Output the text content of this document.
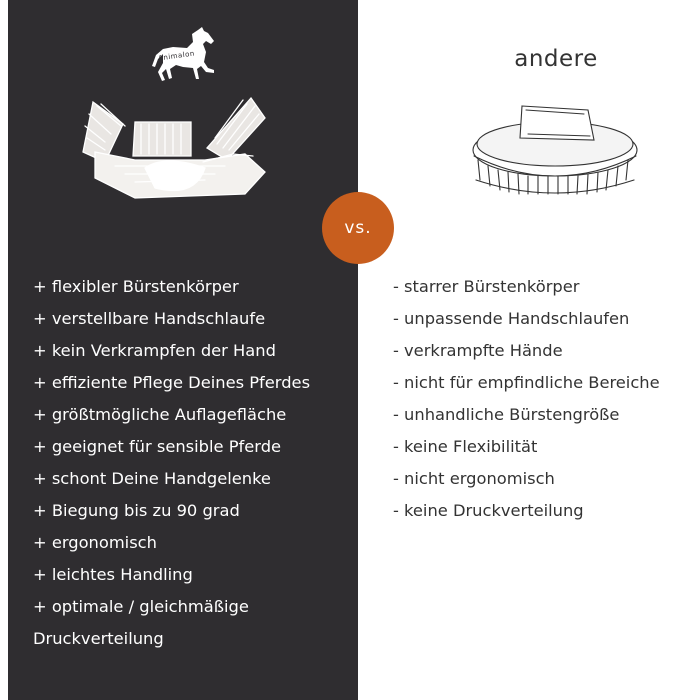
Animalon	andere
vs.
+ flexibler Bürstenkörper
+ verstellbare Handschlaufe
+ kein Verkrampfen der Hand
+ effiziente Pflege Deines Pferdes
+ größtmögliche Auflagefläche
+ geeignet für sensible Pferde
+ schont Deine Handgelenke
+ Biegung bis zu 90 grad
+ ergonomisch
+ leichtes Handling
+ optimale / gleichmäßige Druckverteilung
- starrer Bürstenkörper
- unpassende Handschlaufen
- verkrampfte Hände
- nicht für empfindliche Bereiche
- unhandliche Bürstengröße
- keine Flexibilität
- nicht ergonomisch
- keine Druckverteilung
